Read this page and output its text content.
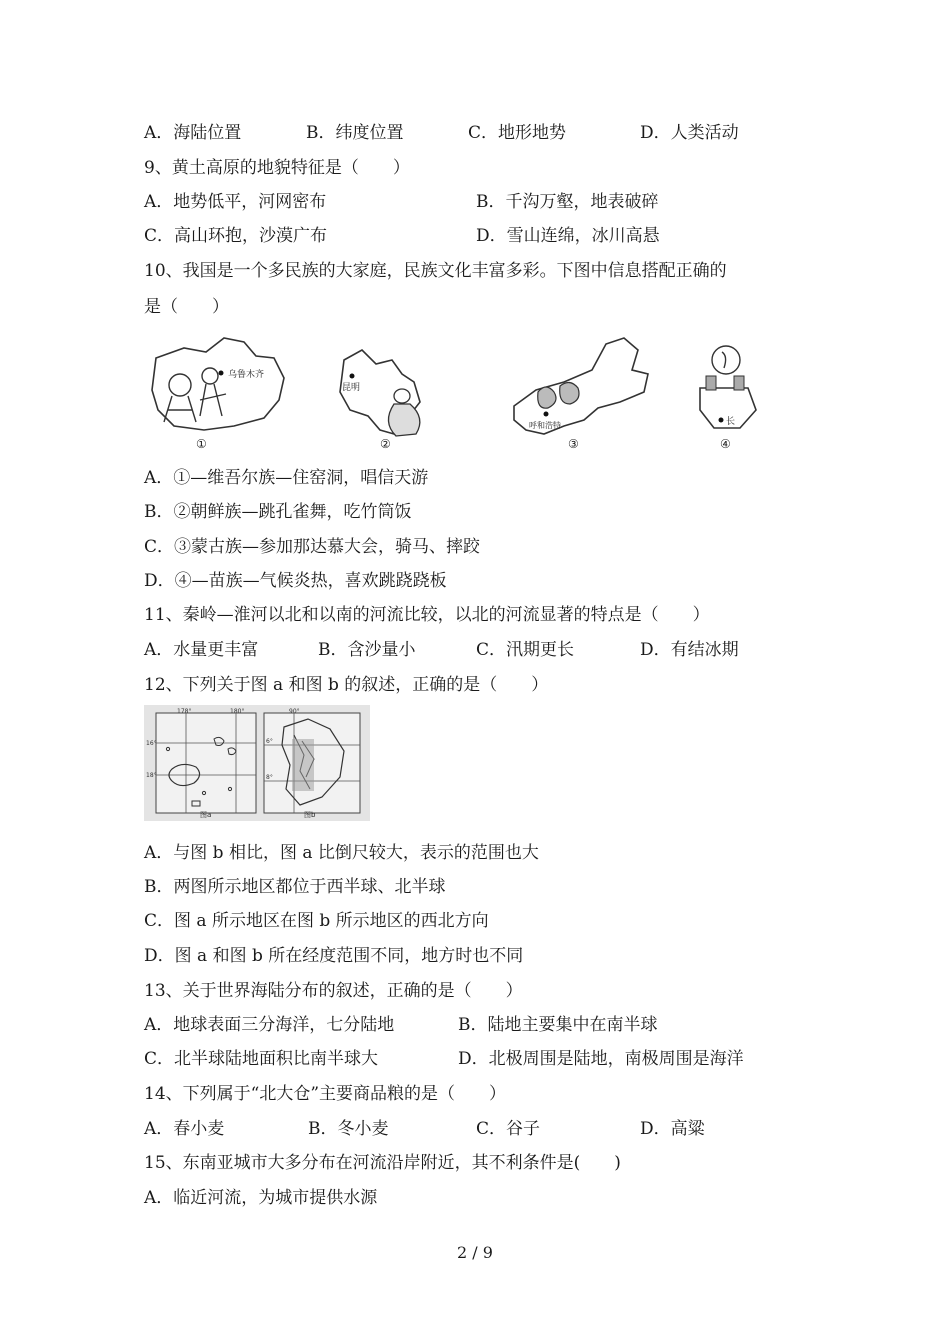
A．海陆位置	B．纬度位置	C．地形地势	D．人类活动
9、黄土高原的地貌特征是（　　）
A．地势低平，河网密布	B．千沟万壑，地表破碎
C．高山环抱，沙漠广布	D．雪山连绵，冰川高悬
10、我国是一个多民族的大家庭，民族文化丰富多彩。下图中信息搭配正确的
是（　　）
乌鲁木齐
①
昆明
②
呼和浩特
③
长
④
A．①—维吾尔族—住窑洞，唱信天游
B．②朝鲜族—跳孔雀舞，吃竹筒饭
C．③蒙古族—参加那达慕大会，骑马、摔跤
D．④—苗族—气候炎热，喜欢跳跷跷板
11、秦岭—淮河以北和以南的河流比较，以北的河流显著的特点是（　　）
A．水量更丰富	B．含沙量小	C．汛期更长	D．有结冰期
12、下列关于图 a 和图 b 的叙述，正确的是（　　）
178°	180°
16°
18°
图a
90°
6°
8°
图b
A．与图 b 相比，图 a 比倒尺较大，表示的范围也大
B．两图所示地区都位于西半球、北半球
C．图 a 所示地区在图 b 所示地区的西北方向
D．图 a 和图 b 所在经度范围不同，地方时也不同
13、关于世界海陆分布的叙述，正确的是（　　）
A．地球表面三分海洋，七分陆地	B．陆地主要集中在南半球
C．北半球陆地面积比南半球大	D．北极周围是陆地，南极周围是海洋
14、下列属于“北大仓”主要商品粮的是（　　）
A．春小麦	B．冬小麦	C．谷子	D．高粱
15、东南亚城市大多分布在河流沿岸附近，其不利条件是(　　)
A．临近河流，为城市提供水源
2 / 9
